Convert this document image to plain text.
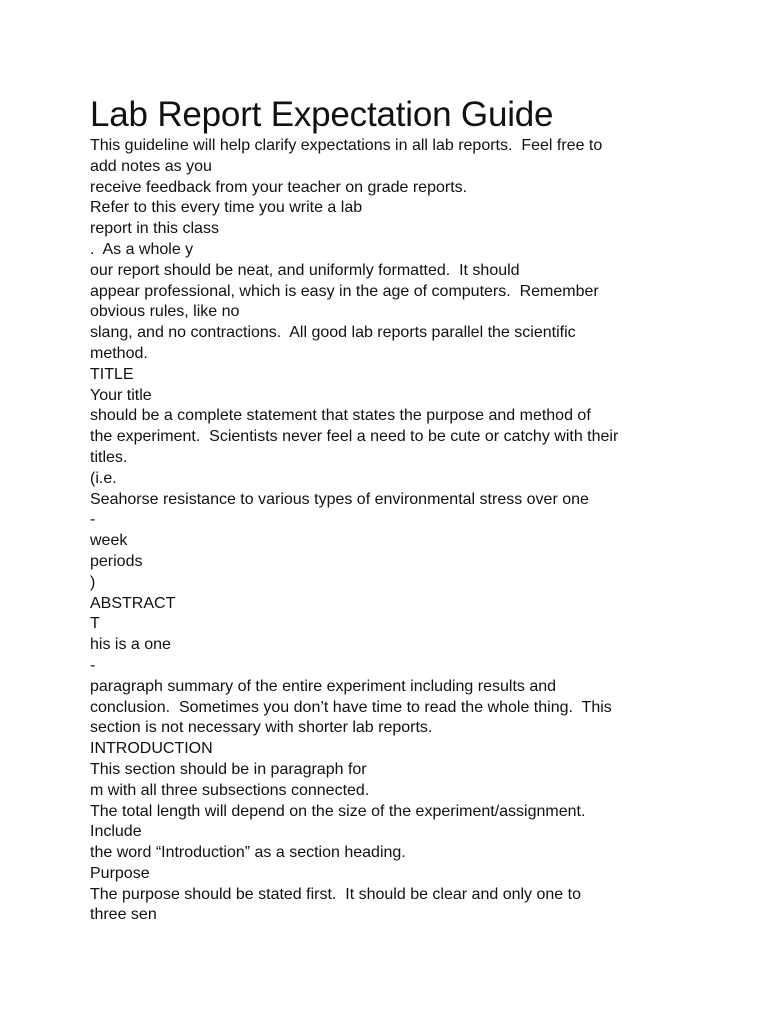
Lab Report Expectation Guide

This guideline will help clarify expectations in all lab reports.  Feel free to

add notes as you

receive feedback from your teacher on grade reports.

Refer to this every time you write a lab

report in this class

.  As a whole y

our report should be neat, and uniformly formatted.  It should

appear professional, which is easy in the age of computers.  Remember

obvious rules, like no

slang, and no contractions.  All good lab reports parallel the scientific

method.

TITLE

Your title

should be a complete statement that states the purpose and method of

the experiment.  Scientists never feel a need to be cute or catchy with their

titles.

(i.e.

Seahorse resistance to various types of environmental stress over one

-

week

periods

)

ABSTRACT

T

his is a one

-

paragraph summary of the entire experiment including results and

conclusion.  Sometimes you don’t have time to read the whole thing.  This

section is not necessary with shorter lab reports.

INTRODUCTION

This section should be in paragraph for

m with all three subsections connected.

The total length will depend on the size of the experiment/assignment.

Include

the word “Introduction” as a section heading.

Purpose

The purpose should be stated first.  It should be clear and only one to

three sen
